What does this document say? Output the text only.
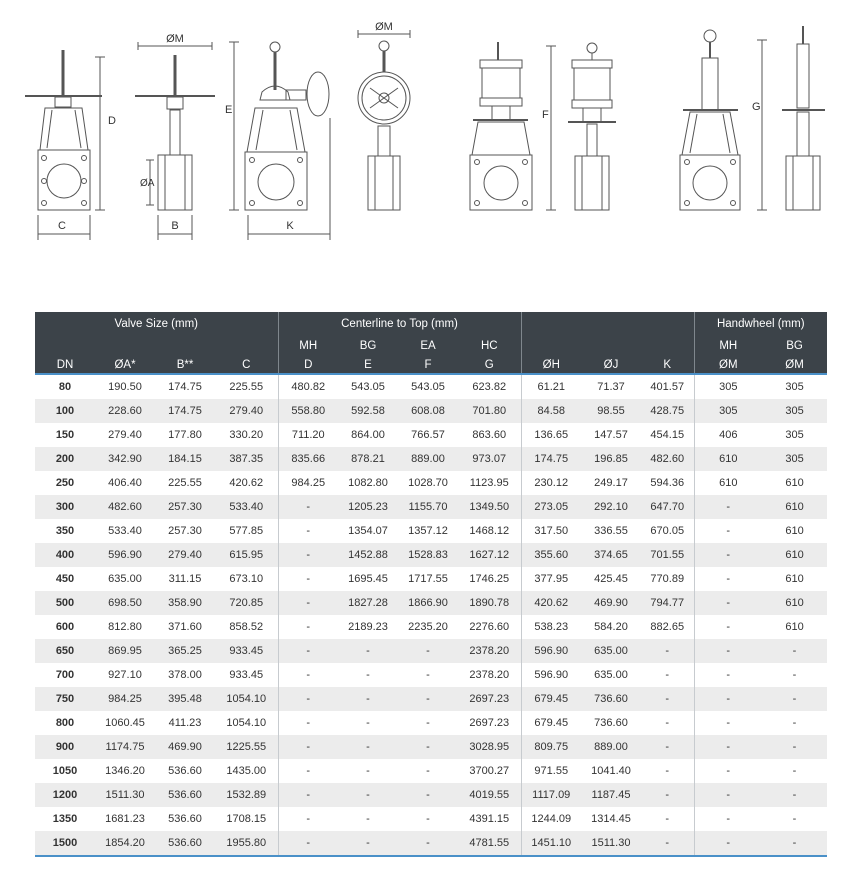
C
D
ØM
ØA
B
E
K
ØM
F
G
Valve Size (mm)				Centerline to Top (mm)							Handwheel (mm)	
				MH	BG	EA	HC				MH	BG
DN	ØA*	B**	C	D	E	F	G	ØH	ØJ	K	ØM	ØM
80	190.50	174.75	225.55	480.82	543.05	543.05	623.82	61.21	71.37	401.57	305	305
100	228.60	174.75	279.40	558.80	592.58	608.08	701.80	84.58	98.55	428.75	305	305
150	279.40	177.80	330.20	711.20	864.00	766.57	863.60	136.65	147.57	454.15	406	305
200	342.90	184.15	387.35	835.66	878.21	889.00	973.07	174.75	196.85	482.60	610	305
250	406.40	225.55	420.62	984.25	1082.80	1028.70	1123.95	230.12	249.17	594.36	610	610
300	482.60	257.30	533.40	-	1205.23	1155.70	1349.50	273.05	292.10	647.70	-	610
350	533.40	257.30	577.85	-	1354.07	1357.12	1468.12	317.50	336.55	670.05	-	610
400	596.90	279.40	615.95	-	1452.88	1528.83	1627.12	355.60	374.65	701.55	-	610
450	635.00	311.15	673.10	-	1695.45	1717.55	1746.25	377.95	425.45	770.89	-	610
500	698.50	358.90	720.85	-	1827.28	1866.90	1890.78	420.62	469.90	794.77	-	610
600	812.80	371.60	858.52	-	2189.23	2235.20	2276.60	538.23	584.20	882.65	-	610
650	869.95	365.25	933.45	-	-	-	2378.20	596.90	635.00	-	-	-
700	927.10	378.00	933.45	-	-	-	2378.20	596.90	635.00	-	-	-
750	984.25	395.48	1054.10	-	-	-	2697.23	679.45	736.60	-	-	-
800	1060.45	411.23	1054.10	-	-	-	2697.23	679.45	736.60	-	-	-
900	1174.75	469.90	1225.55	-	-	-	3028.95	809.75	889.00	-	-	-
1050	1346.20	536.60	1435.00	-	-	-	3700.27	971.55	1041.40	-	-	-
1200	1511.30	536.60	1532.89	-	-	-	4019.55	1117.09	1187.45	-	-	-
1350	1681.23	536.60	1708.15	-	-	-	4391.15	1244.09	1314.45	-	-	-
1500	1854.20	536.60	1955.80	-	-	-	4781.55	1451.10	1511.30	-	-	-
